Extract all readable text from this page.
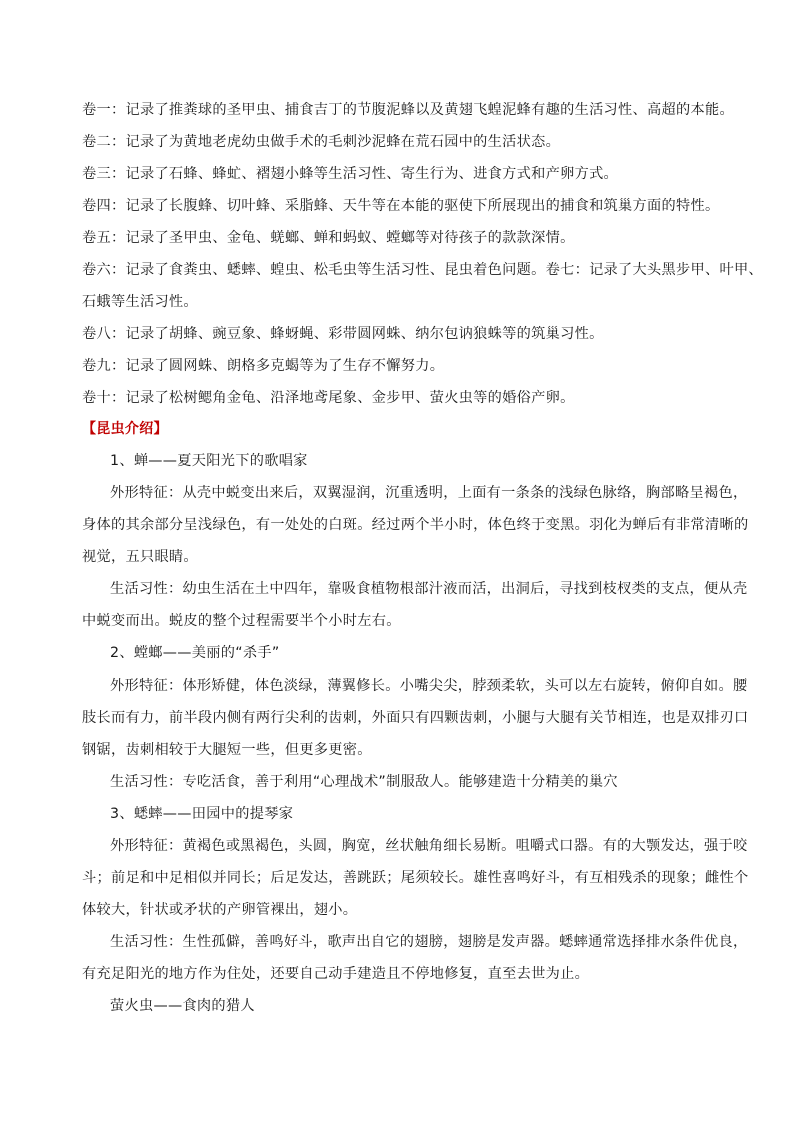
卷一：记录了推粪球的圣甲虫、捕食吉丁的节腹泥蜂以及黄翅飞蝗泥蜂有趣的生活习性、高超的本能。
卷二：记录了为黄地老虎幼虫做手术的毛刺沙泥蜂在荒石园中的生活状态。
卷三：记录了石蜂、蜂虻、褶翅小蜂等生活习性、寄生行为、进食方式和产卵方式。
卷四：记录了长腹蜂、切叶蜂、采脂蜂、天牛等在本能的驱使下所展现出的捕食和筑巢方面的特性。
卷五：记录了圣甲虫、金龟、蜣螂、蝉和蚂蚁、螳螂等对待孩子的款款深情。
卷六：记录了食粪虫、蟋蟀、蝗虫、松毛虫等生活习性、昆虫着色问题。卷七：记录了大头黑步甲、叶甲、
石蛾等生活习性。
卷八：记录了胡蜂、豌豆象、蜂蚜蝇、彩带圆网蛛、纳尔包讷狼蛛等的筑巢习性。
卷九：记录了圆网蛛、朗格多克蝎等为了生存不懈努力。
卷十：记录了松树鳃角金龟、沿泽地鸢尾象、金步甲、萤火虫等的婚俗产卵。
【昆虫介绍】
1、蝉——夏天阳光下的歌唱家
外形特征：从壳中蜕变出来后，双翼湿润，沉重透明，上面有一条条的浅绿色脉络，胸部略呈褐色，
身体的其余部分呈浅绿色，有一处处的白斑。经过两个半小时，体色终于变黑。羽化为蝉后有非常清晰的
视觉，五只眼睛。
生活习性：幼虫生活在土中四年，靠吸食植物根部汁液而活，出洞后，寻找到枝杈类的支点，便从壳
中蜕变而出。蜕皮的整个过程需要半个小时左右。
2、螳螂——美丽的“杀手”
外形特征：体形矫健，体色淡绿，薄翼修长。小嘴尖尖，脖颈柔软，头可以左右旋转，俯仰自如。腰
肢长而有力，前半段内侧有两行尖利的齿刺，外面只有四颗齿刺，小腿与大腿有关节相连，也是双排刃口
钢锯，齿刺相较于大腿短一些，但更多更密。
生活习性：专吃活食，善于利用“心理战术”制服敌人。能够建造十分精美的巢穴
3、蟋蟀——田园中的提琴家
外形特征：黄褐色或黑褐色，头圆，胸宽，丝状触角细长易断。咀嚼式口器。有的大颚发达，强于咬
斗；前足和中足相似并同长；后足发达，善跳跃；尾须较长。雄性喜鸣好斗，有互相残杀的现象；雌性个
体较大，针状或矛状的产卵管裸出，翅小。
生活习性：生性孤僻，善鸣好斗，歌声出自它的翅膀，翅膀是发声器。蟋蟀通常选择排水条件优良，
有充足阳光的地方作为住处，还要自己动手建造且不停地修复，直至去世为止。
萤火虫——食肉的猎人
